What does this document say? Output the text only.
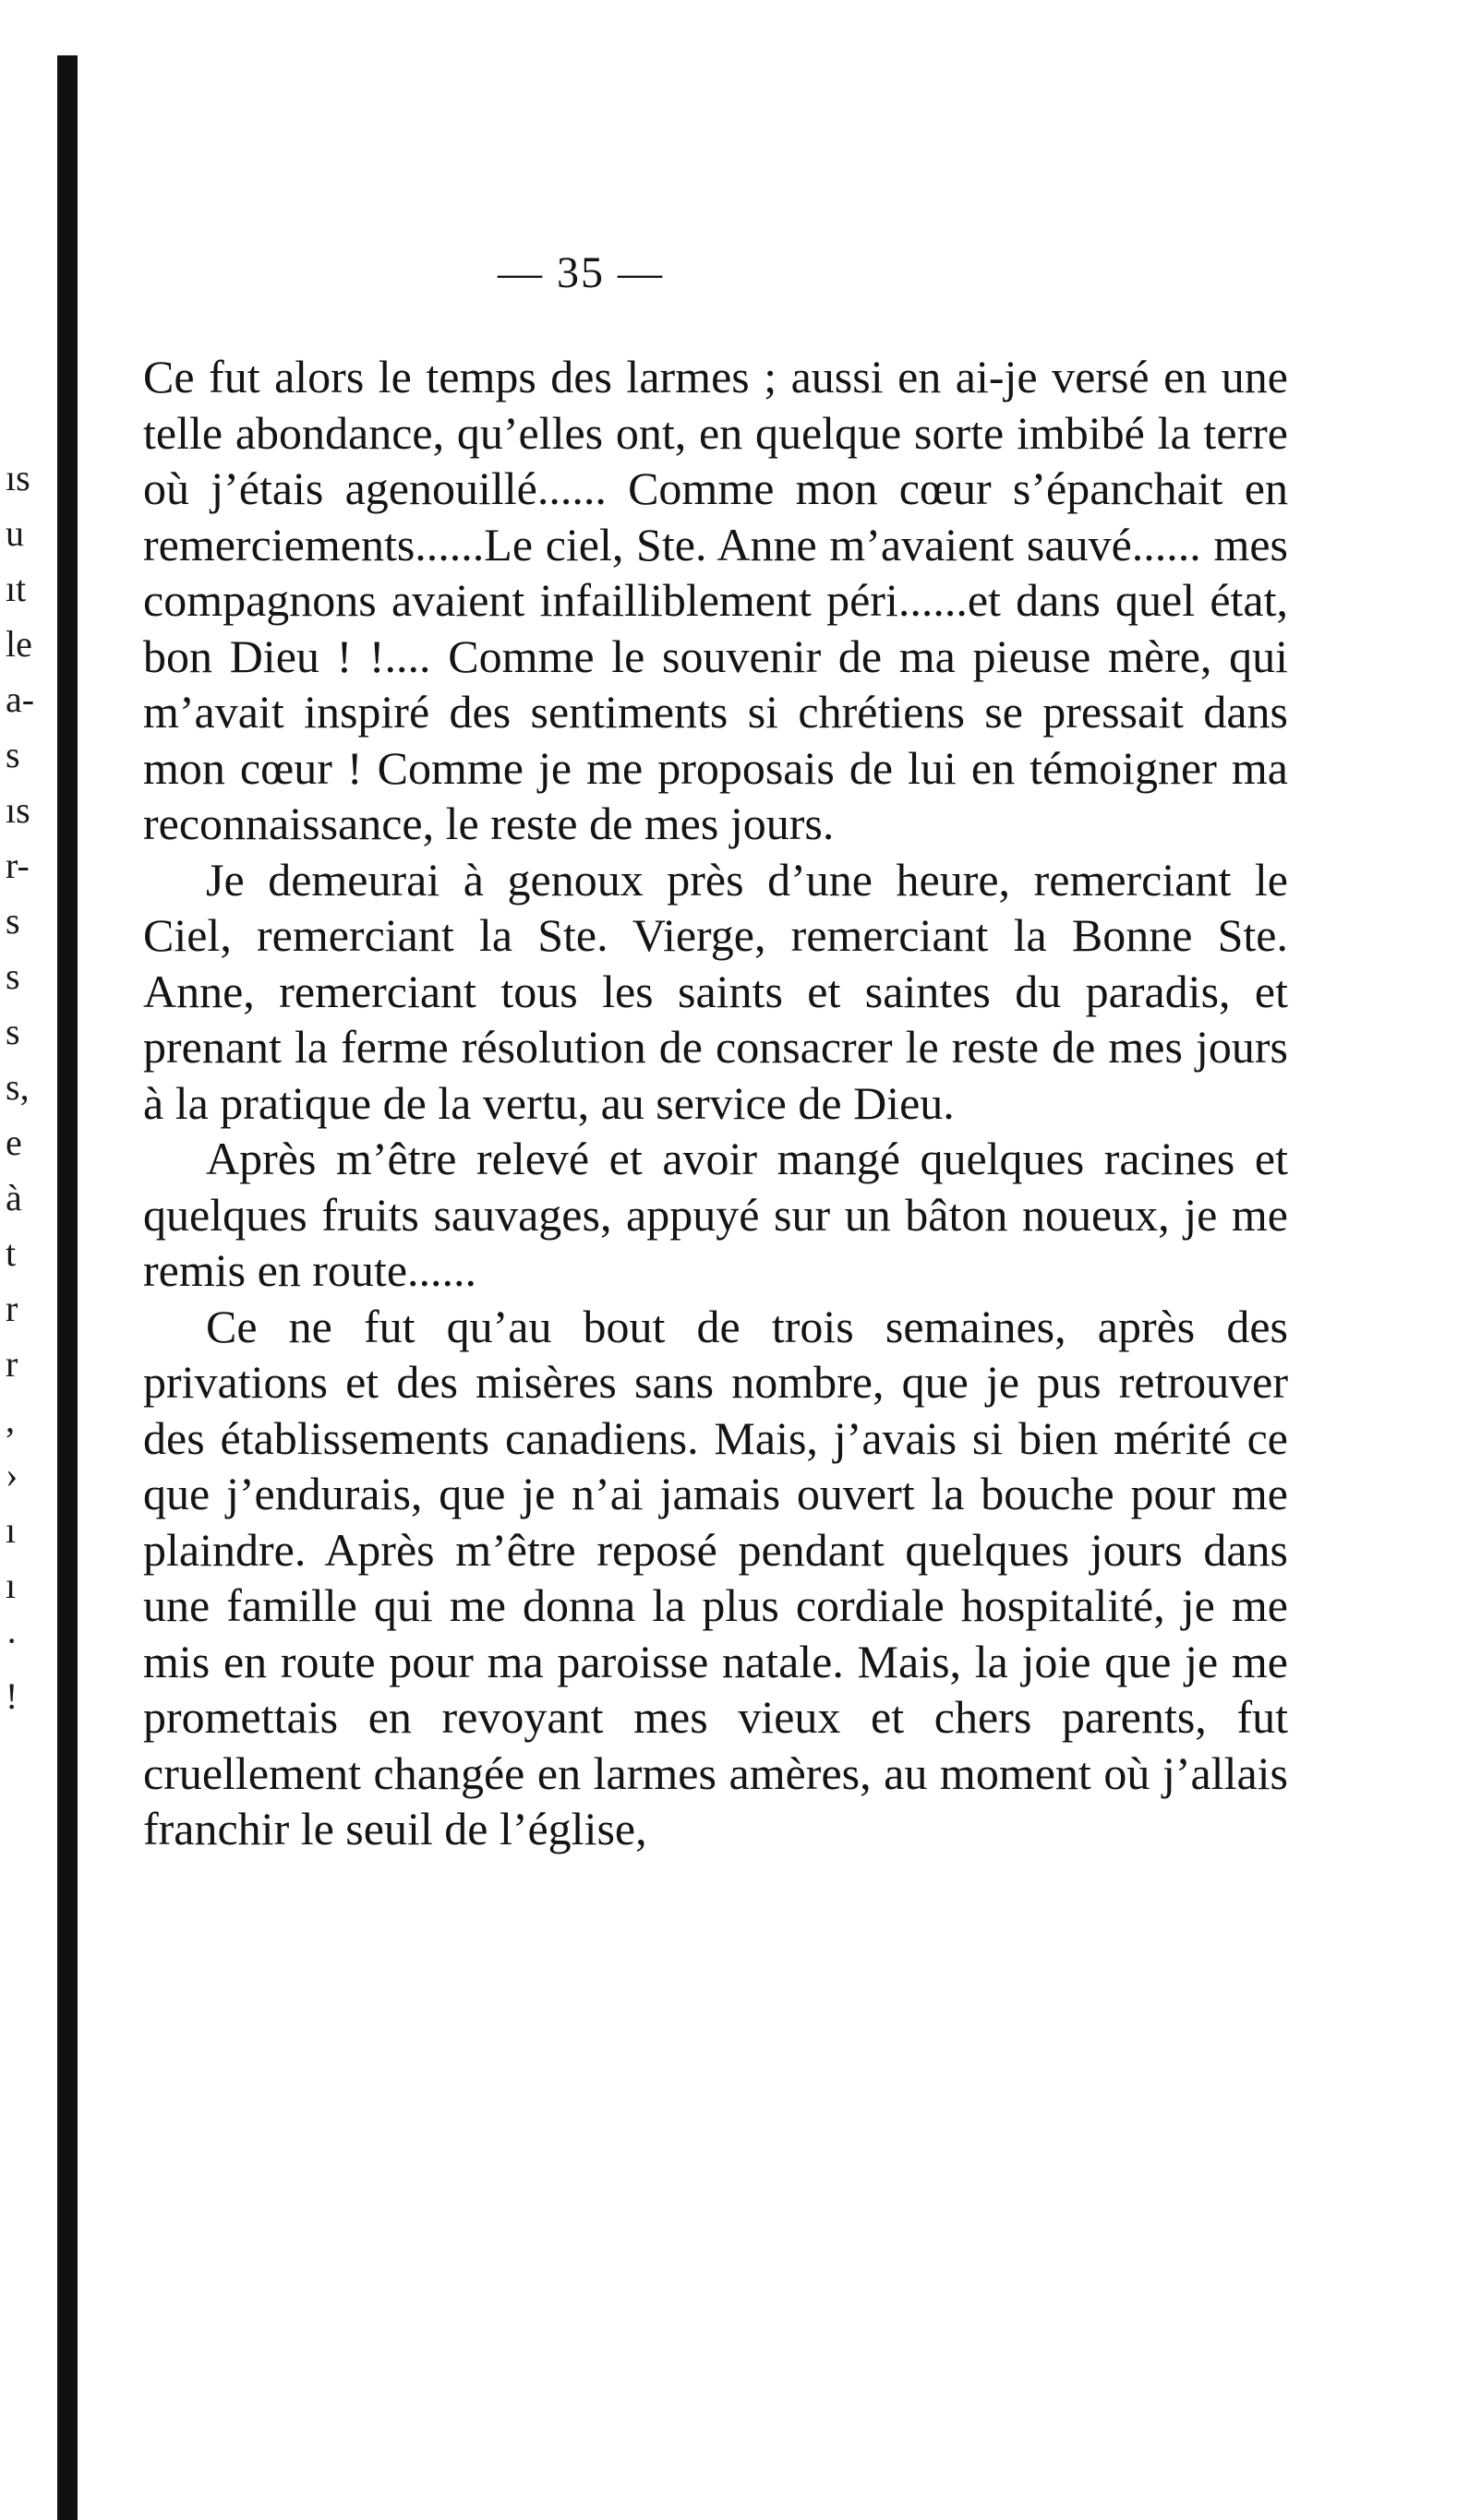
ıs
u
ıt
le
a-
s
ıs
r-
s
s
s
s,
e
à
t
r
r
,
›
ı
ı
·
!
— 35 —

Ce fut alors le temps des larmes ; aussi en ai-je versé en une telle abondance, qu’elles ont, en quelque sorte imbibé la terre où j’étais agenouillé...... Comme mon cœur s’épanchait en remerciements......Le ciel, Ste. Anne m’avaient sauvé...... mes compagnons avaient infailliblement péri......et dans quel état, bon Dieu ! !.... Comme le souvenir de ma pieuse mère, qui m’avait inspiré des sentiments si chrétiens se pressait dans mon cœur ! Comme je me proposais de lui en témoigner ma reconnaissance, le reste de mes jours.

Je demeurai à genoux près d’une heure, remerciant le Ciel, remerciant la Ste. Vierge, remerciant la Bonne Ste. Anne, remerciant tous les saints et saintes du paradis, et prenant la ferme résolution de consacrer le reste de mes jours à la pratique de la vertu, au service de Dieu.

Après m’être relevé et avoir mangé quelques racines et quelques fruits sauvages, appuyé sur un bâton noueux, je me remis en route......

Ce ne fut qu’au bout de trois semaines, après des privations et des misères sans nombre, que je pus retrouver des établissements canadiens. Mais, j’avais si bien mérité ce que j’endurais, que je n’ai jamais ouvert la bouche pour me plaindre. Après m’être reposé pendant quelques jours dans une famille qui me donna la plus cordiale hospitalité, je me mis en route pour ma paroisse natale. Mais, la joie que je me promettais en revoyant mes vieux et chers parents, fut cruellement changée en larmes amères, au moment où j’allais franchir le seuil de l’église,
